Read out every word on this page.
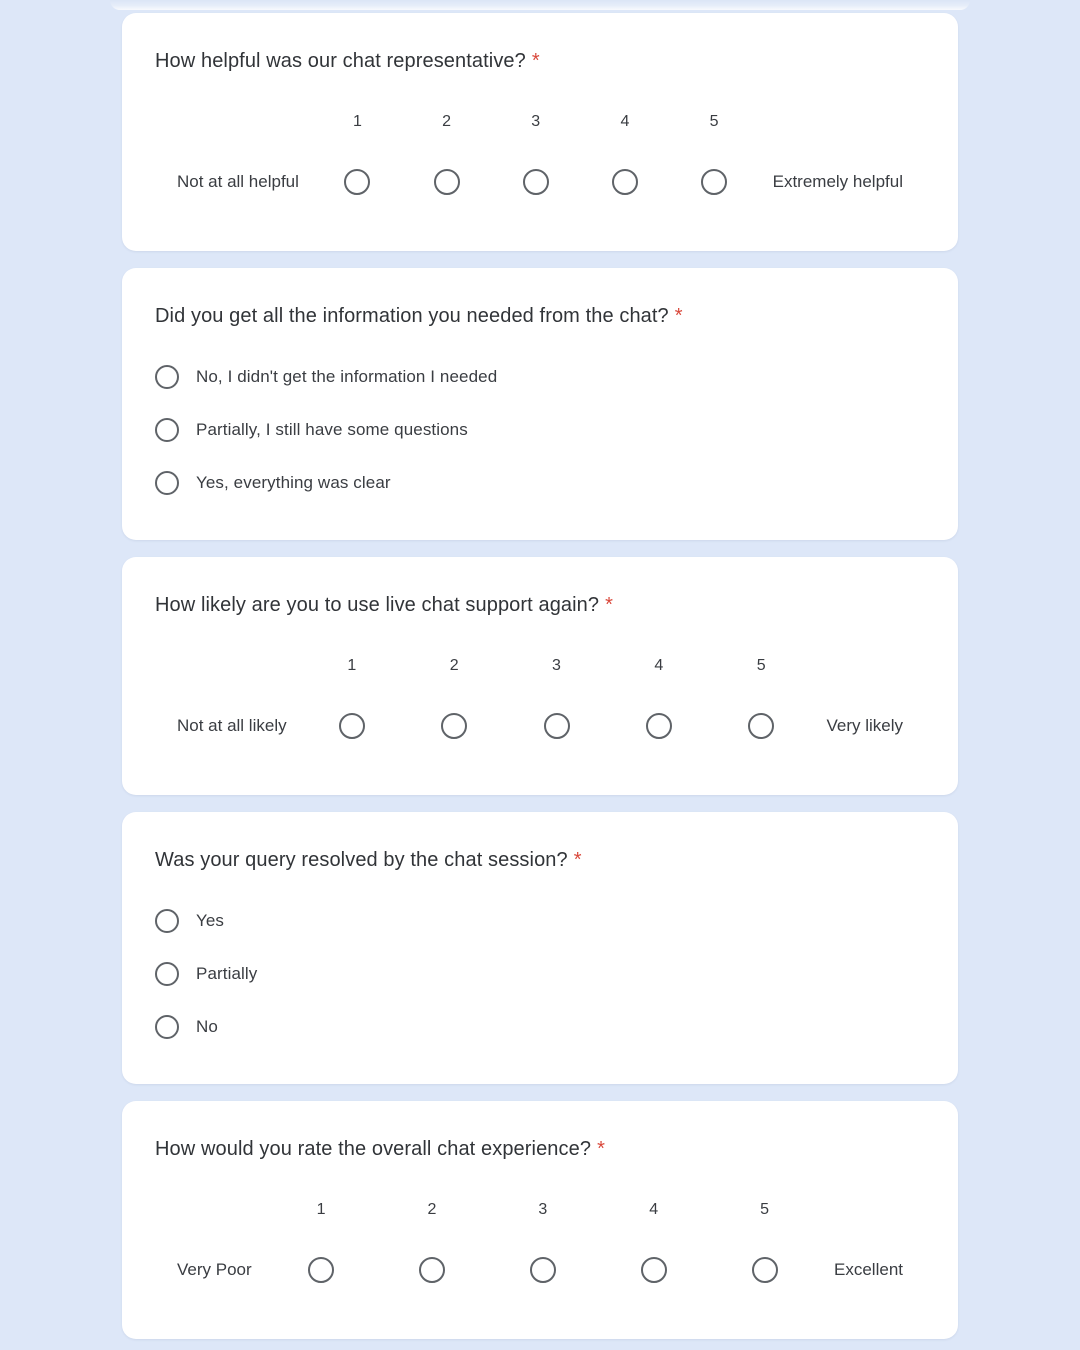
How helpful was our chat representative? *
Not at all helpful
1	2	3	4	5
Extremely helpful
Did you get all the information you needed from the chat? *
No, I didn't get the information I needed
Partially, I still have some questions
Yes, everything was clear
How likely are you to use live chat support again? *
Not at all likely
1	2	3	4	5
Very likely
Was your query resolved by the chat session? *
Yes
Partially
No
How would you rate the overall chat experience? *
Very Poor
1	2	3	4	5
Excellent
